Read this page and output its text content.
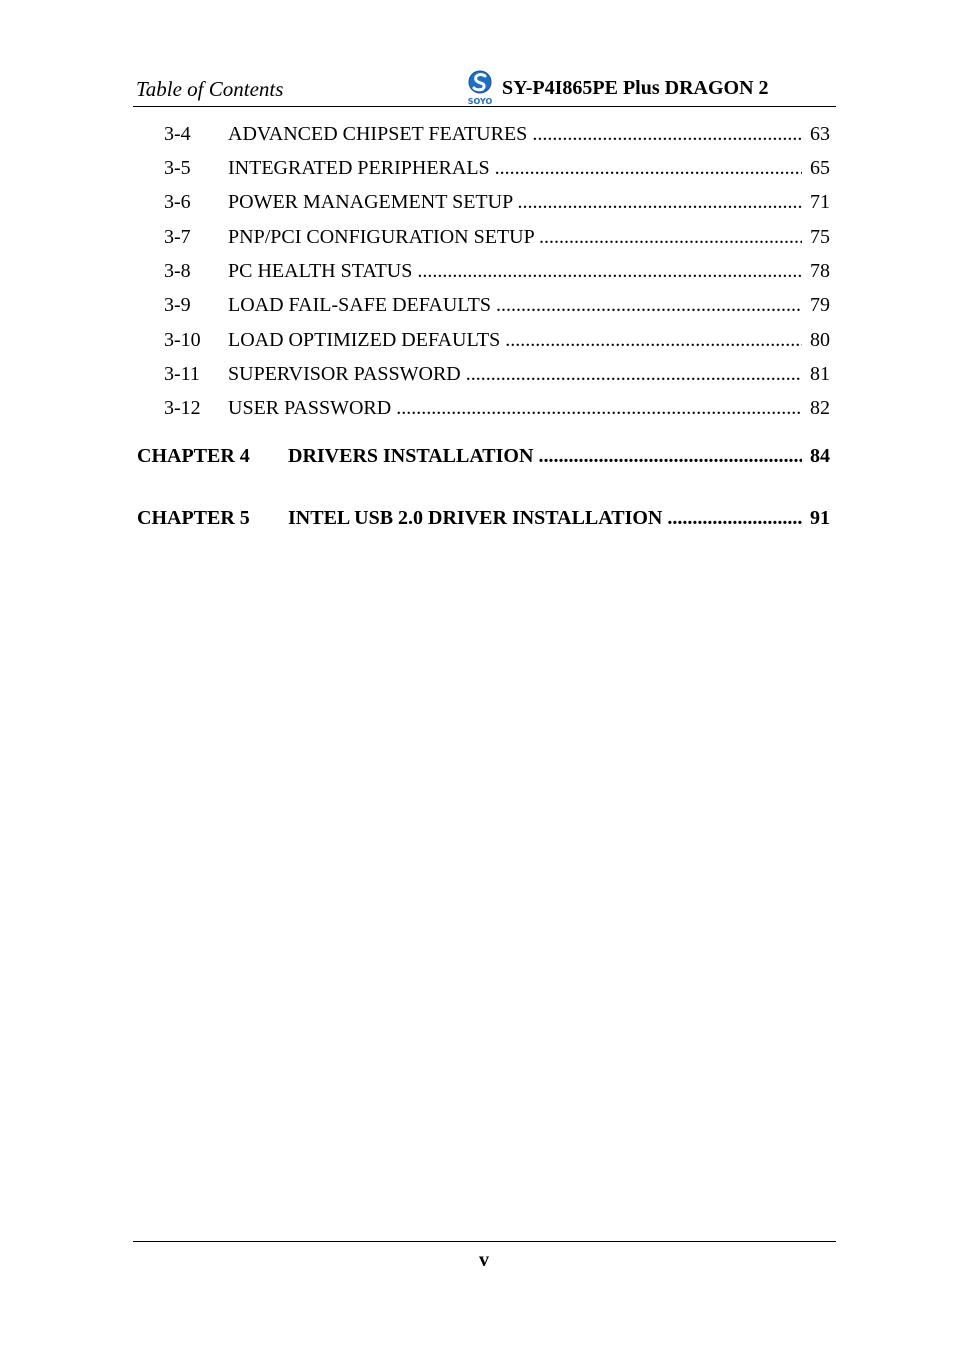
Table of Contents
SOYO
SY-P4I865PE Plus DRAGON 2
3-4 ADVANCED CHIPSET FEATURES .....	63
3-5 INTEGRATED PERIPHERALS .....	65
3-6 POWER MANAGEMENT SETUP .....	71
3-7 PNP/PCI CONFIGURATION SETUP .....	75
3-8 PC HEALTH STATUS .....	78
3-9 LOAD FAIL-SAFE DEFAULTS .....	79
3-10 LOAD OPTIMIZED DEFAULTS .....	80
3-11 SUPERVISOR PASSWORD .....	81
3-12 USER PASSWORD .....	82
CHAPTER 4 DRIVERS INSTALLATION .....	84
CHAPTER 5 INTEL USB 2.0 DRIVER INSTALLATION .....	91
v
